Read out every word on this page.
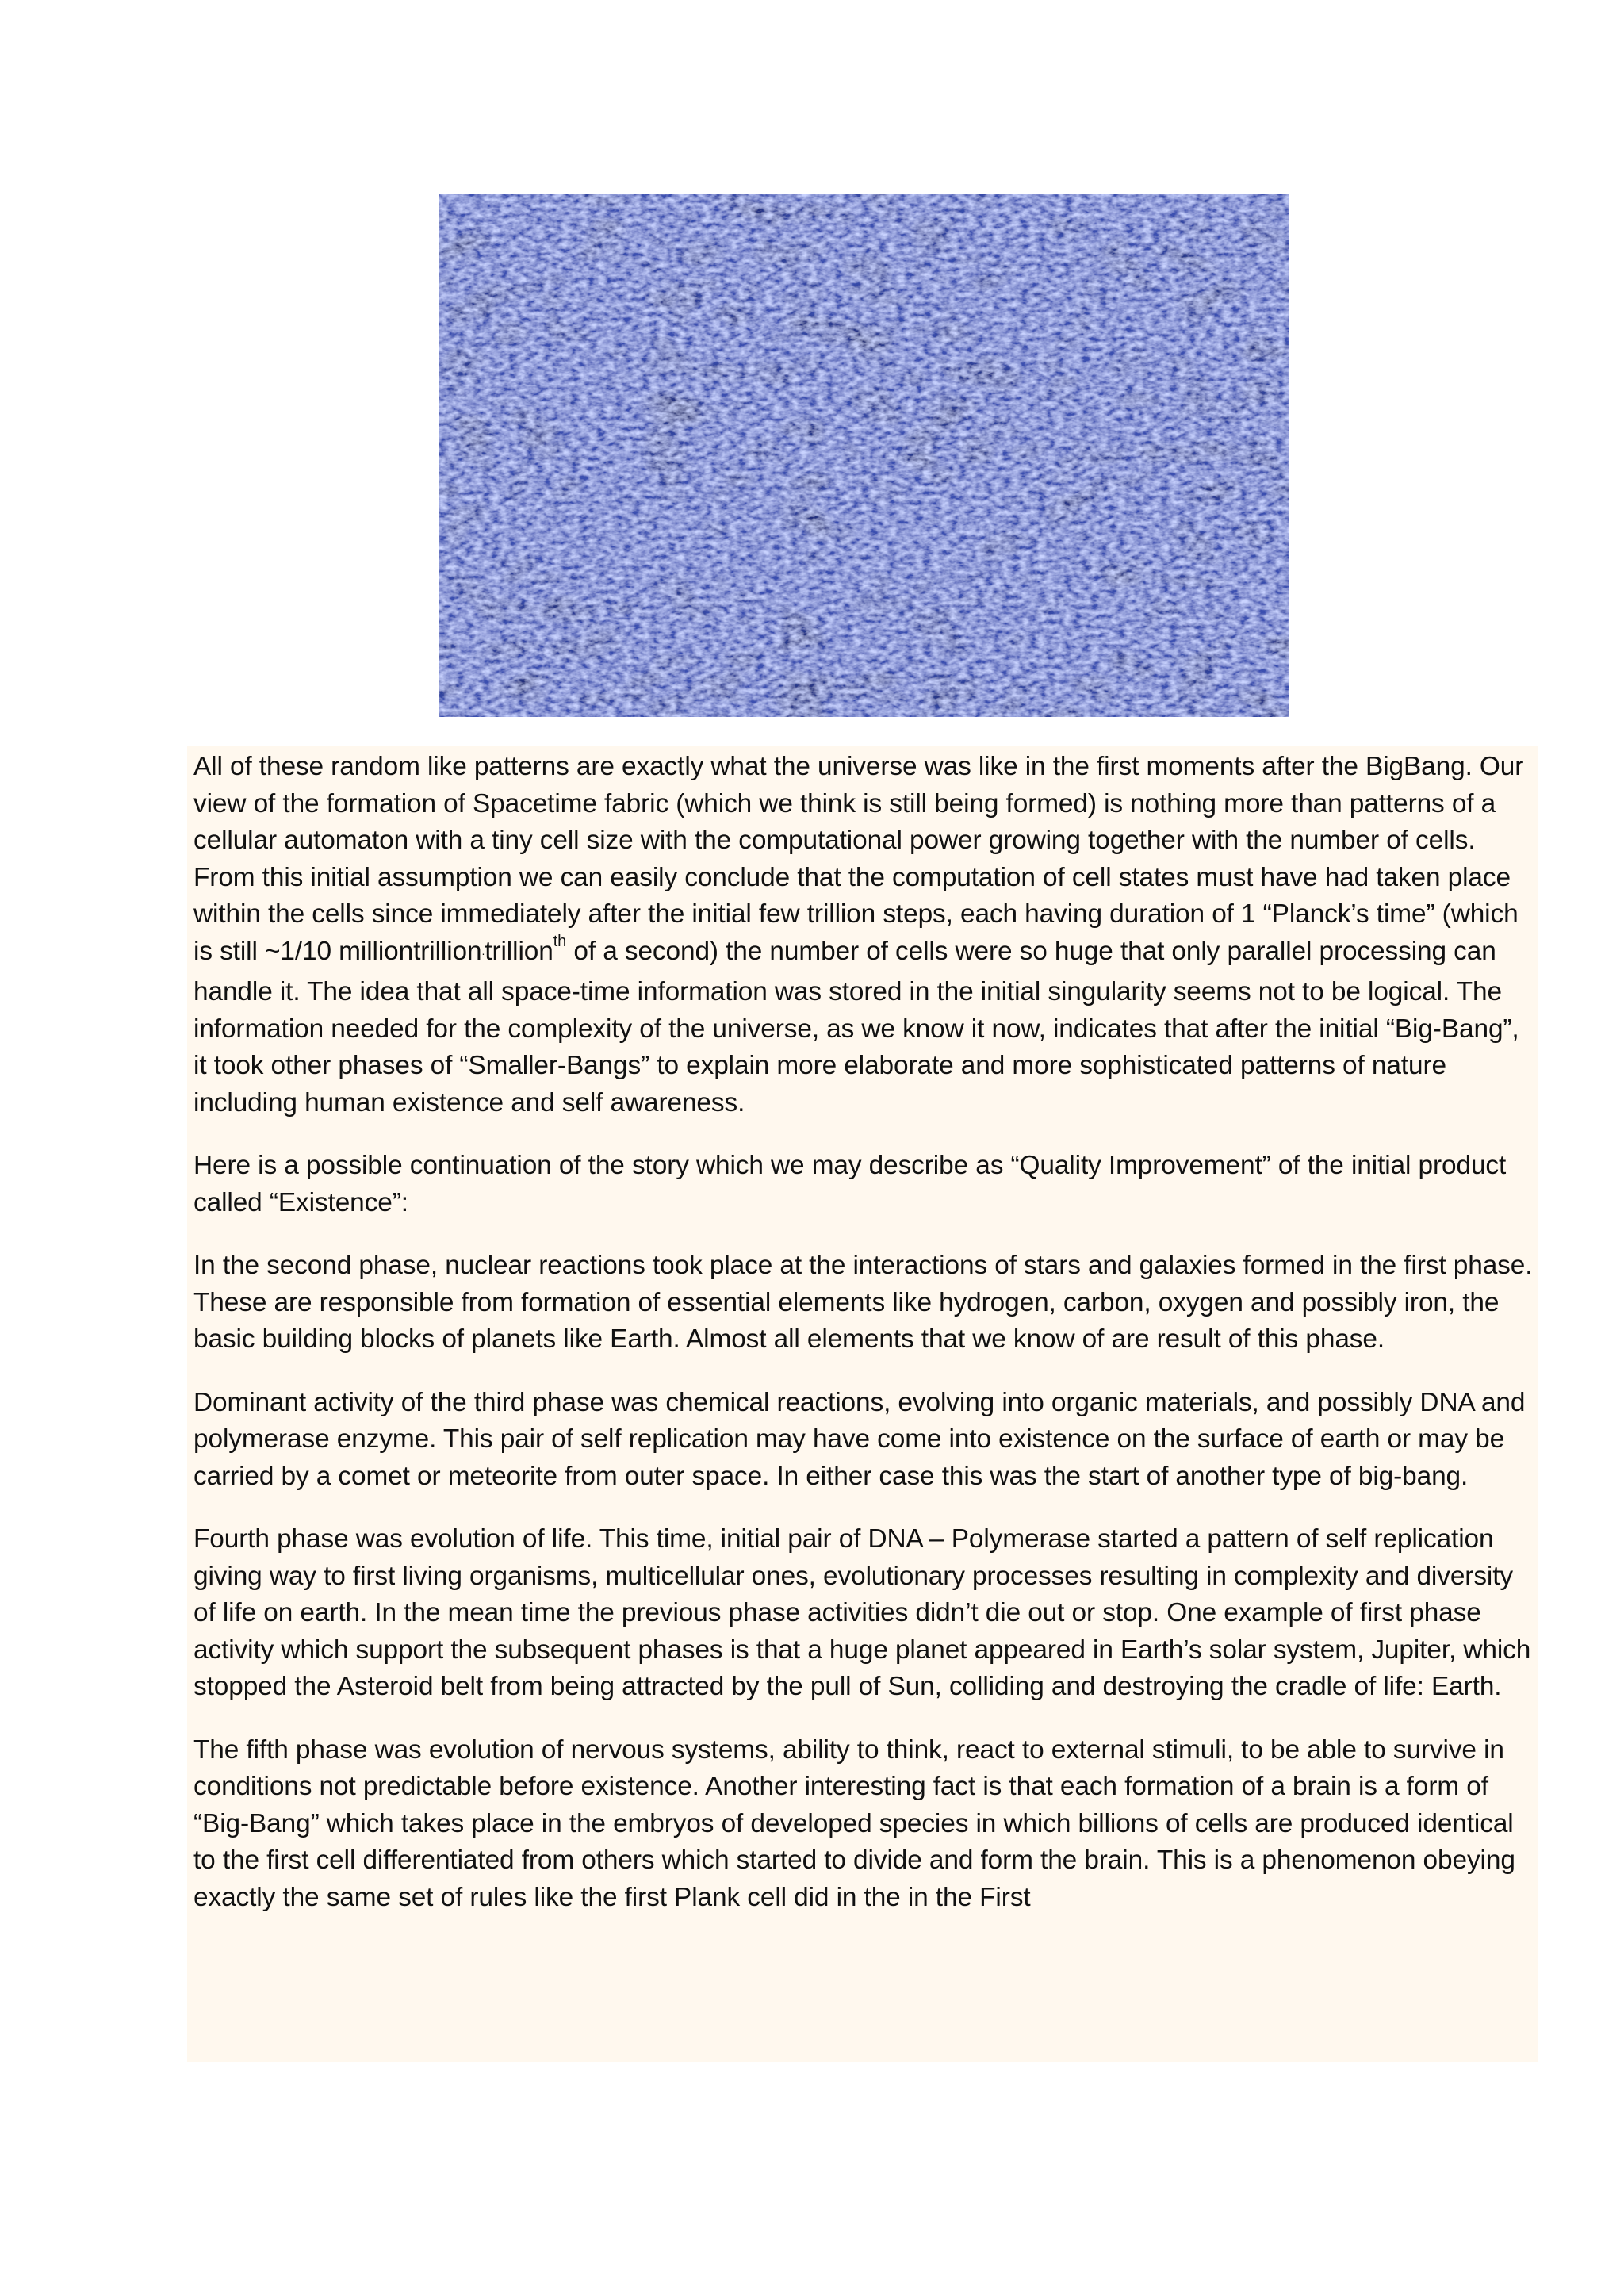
All of these random like patterns are exactly what the universe was like in the first moments after the BigBang. Our view of the formation of Spacetime fabric (which we think is still being formed) is nothing more than patterns of a cellular automaton with a tiny cell size with the computational power growing together with the number of cells. From this initial assumption we can easily conclude that the computation of cell states must have had taken place within the cells since immediately after the initial few trillion steps, each having duration of 1 “Planck’s time” (which is still ~1/10 milliontrillion.trillion$^{th}$ of a second) the number of cells were so huge that only parallel processing can handle it. The idea that all space-time information was stored in the initial singularity seems not to be logical. The information needed for the complexity of the universe, as we know it now, indicates that after the initial “Big-Bang”, it took other phases of “Smaller-Bangs” to explain more elaborate and more sophisticated patterns of nature including human existence and self awareness.

Here is a possible continuation of the story which we may describe as “Quality Improvement” of the initial product called “Existence”:

In the second phase, nuclear reactions took place at the interactions of stars and galaxies formed in the first phase. These are responsible from formation of essential elements like hydrogen, carbon, oxygen and possibly iron, the basic building blocks of planets like Earth. Almost all elements that we know of are result of this phase.

Dominant activity of the third phase was chemical reactions, evolving into organic materials, and possibly DNA and polymerase enzyme. This pair of self replication may have come into existence on the surface of earth or may be carried by a comet or meteorite from outer space. In either case this was the start of another type of big-bang.

Fourth phase was evolution of life. This time, initial pair of DNA – Polymerase started a pattern of self replication giving way to first living organisms, multicellular ones, evolutionary processes resulting in complexity and diversity of life on earth. In the mean time the previous phase activities didn’t die out or stop. One example of first phase activity which support the subsequent phases is that a huge planet appeared in Earth’s solar system, Jupiter, which stopped the Asteroid belt from being attracted by the pull of Sun, colliding and destroying the cradle of life: Earth.

The fifth phase was evolution of nervous systems, ability to think, react to external stimuli, to be able to survive in conditions not predictable before existence. Another interesting fact is that each formation of a brain is a form of “Big-Bang” which takes place in the embryos of developed species in which billions of cells are produced identical to the first cell differentiated from others which started to divide and form the brain. This is a phenomenon obeying exactly the same set of rules like the first Plank cell did in the in the First
